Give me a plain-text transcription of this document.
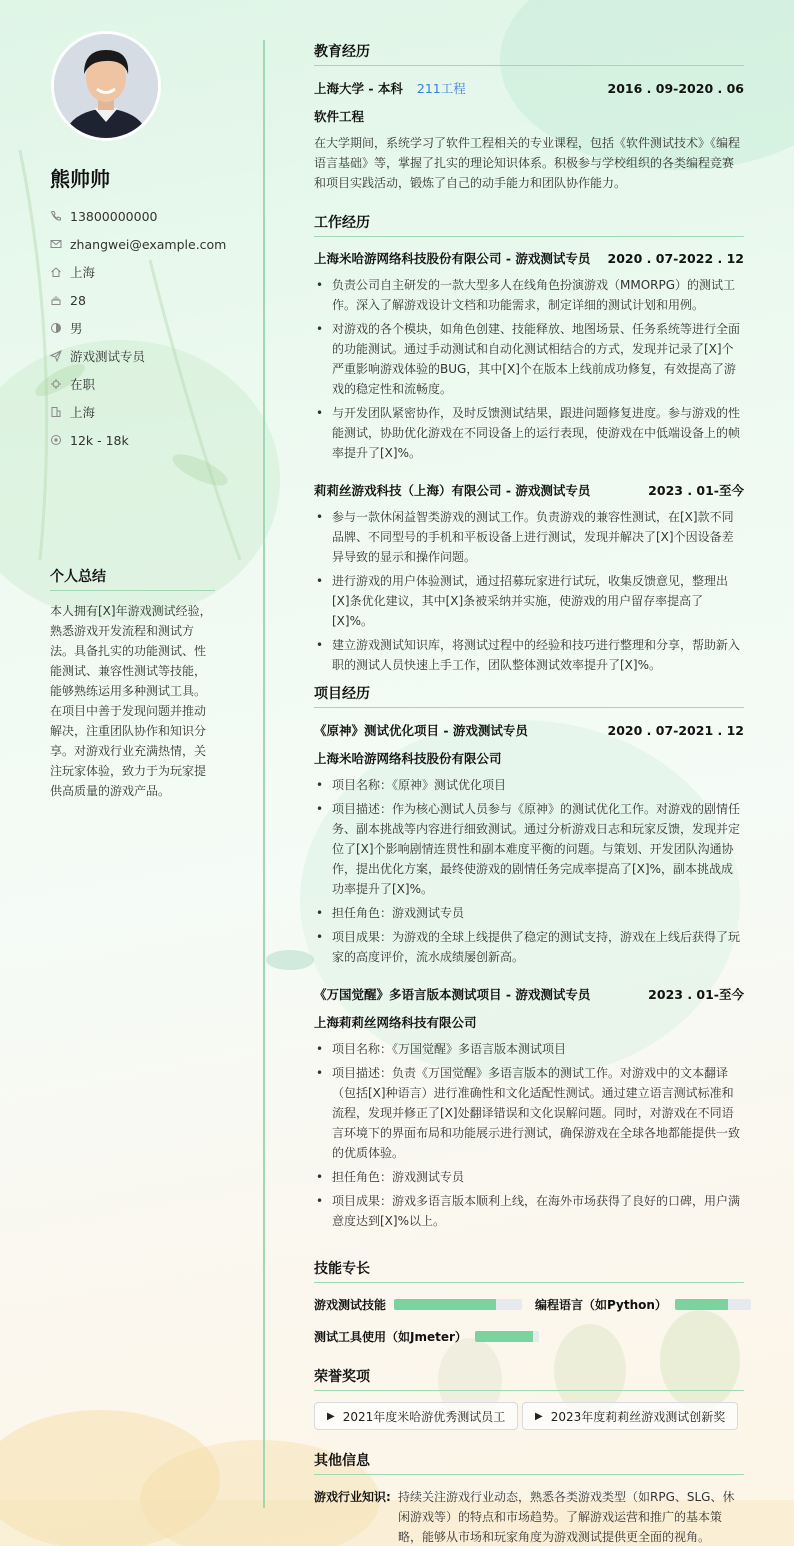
熊帅帅
13800000000
zhangwei@example.com
上海
28
男
游戏测试专员
在职
上海
12k - 18k
个人总结
本人拥有[X]年游戏测试经验，熟悉游戏开发流程和测试方法。具备扎实的功能测试、性能测试、兼容性测试等技能，能够熟练运用多种测试工具。在项目中善于发现问题并推动解决，注重团队协作和知识分享。对游戏行业充满热情，关注玩家体验，致力于为玩家提供高质量的游戏产品。
教育经历
上海大学 - 本科 211工程	2016 . 09-2020 . 06
软件工程
在大学期间，系统学习了软件工程相关的专业课程，包括《软件测试技术》《编程语言基础》等，掌握了扎实的理论知识体系。积极参与学校组织的各类编程竞赛和项目实践活动，锻炼了自己的动手能力和团队协作能力。
工作经历
上海米哈游网络科技股份有限公司 - 游戏测试专员 2020 . 07-2022 . 12
• 负责公司自主研发的一款大型多人在线角色扮演游戏（MMORPG）的测试工作。深入了解游戏设计文档和功能需求，制定详细的测试计划和用例。
• 对游戏的各个模块，如角色创建、技能释放、地图场景、任务系统等进行全面的功能测试。通过手动测试和自动化测试相结合的方式，发现并记录了[X]个严重影响游戏体验的BUG，其中[X]个在版本上线前成功修复，有效提高了游戏的稳定性和流畅度。
• 与开发团队紧密协作，及时反馈测试结果，跟进问题修复进度。参与游戏的性能测试，协助优化游戏在不同设备上的运行表现，使游戏在中低端设备上的帧率提升了[X]%。
莉莉丝游戏科技（上海）有限公司 - 游戏测试专员	2023 . 01-至今
• 参与一款休闲益智类游戏的测试工作。负责游戏的兼容性测试，在[X]款不同品牌、不同型号的手机和平板设备上进行测试，发现并解决了[X]个因设备差异导致的显示和操作问题。
• 进行游戏的用户体验测试，通过招募玩家进行试玩，收集反馈意见，整理出[X]条优化建议，其中[X]条被采纳并实施，使游戏的用户留存率提高了[X]%。
• 建立游戏测试知识库，将测试过程中的经验和技巧进行整理和分享，帮助新入职的测试人员快速上手工作，团队整体测试效率提升了[X]%。
项目经历
《原神》测试优化项目 - 游戏测试专员	2020 . 07-2021 . 12
上海米哈游网络科技股份有限公司
• 项目名称：《原神》测试优化项目
• 项目描述：作为核心测试人员参与《原神》的测试优化工作。对游戏的剧情任务、副本挑战等内容进行细致测试。通过分析游戏日志和玩家反馈，发现并定位了[X]个影响剧情连贯性和副本难度平衡的问题。与策划、开发团队沟通协作，提出优化方案，最终使游戏的剧情任务完成率提高了[X]%，副本挑战成功率提升了[X]%。
• 担任角色：游戏测试专员
• 项目成果：为游戏的全球上线提供了稳定的测试支持，游戏在上线后获得了玩家的高度评价，流水成绩屡创新高。
《万国觉醒》多语言版本测试项目 - 游戏测试专员	2023 . 01-至今
上海莉莉丝网络科技有限公司
• 项目名称：《万国觉醒》多语言版本测试项目
• 项目描述：负责《万国觉醒》多语言版本的测试工作。对游戏中的文本翻译（包括[X]种语言）进行准确性和文化适配性测试。通过建立语言测试标准和流程，发现并修正了[X]处翻译错误和文化误解问题。同时，对游戏在不同语言环境下的界面布局和功能展示进行测试，确保游戏在全球各地都能提供一致的优质体验。
• 担任角色：游戏测试专员
• 项目成果：游戏多语言版本顺利上线，在海外市场获得了良好的口碑，用户满意度达到[X]%以上。
技能专长
游戏测试技能	编程语言（如Python）
测试工具使用（如Jmeter）
荣誉奖项
▶ 2021年度米哈游优秀测试员工	▶ 2023年度莉莉丝游戏测试创新奖
其他信息
游戏行业知识: 持续关注游戏行业动态，熟悉各类游戏类型（如RPG、SLG、休闲游戏等）的特点和市场趋势。了解游戏运营和推广的基本策略，能够从市场和玩家角度为游戏测试提供更全面的视角。
